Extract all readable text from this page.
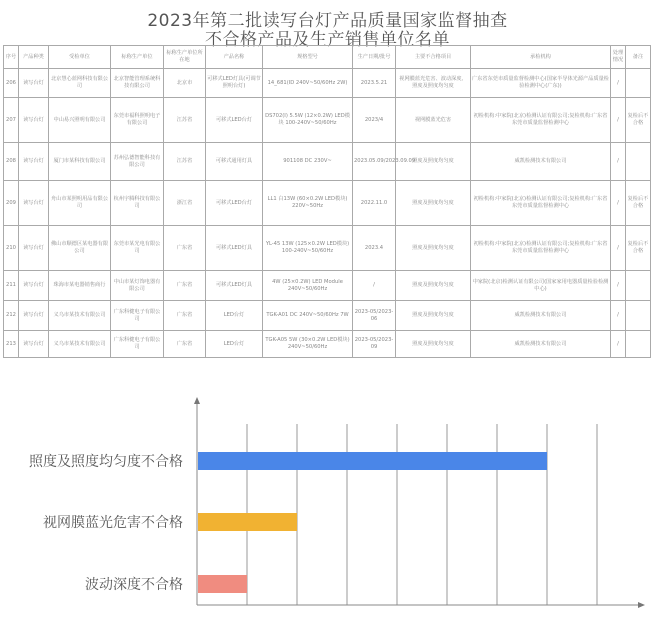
2023年第二批读写台灯产品质量国家监督抽查
不合格产品及生产销售单位名单
序号	产品种类	受检单位	标称生产单位	标称生产单位所在地	产品名称	规格型号	生产日期/批号	主要不合格项目	承检机构	处理情况	备注
206	读写台灯	北京慧心蓝网科技有限公司	北京智能管理系统科技有限公司	北京市	可移式LED灯具(可调节照明台灯)	14_681(ID 240V~50/60Hz 2W)	2023.5.21	视网膜蓝光危害、波动深度、照度及照度均匀度	广东省东莞市质量监督检测中心(国家半导体光源产品质量检验检测中心(广东))	/	
207	读写台灯	中山易兴照明有限公司	东莞市福科照明电子有限公司	江苏省	可移式LED台灯	DS702(I) 5.5W (12×0.2W) LED模块 100-240V~50/60Hz	2023/4	视网膜蓝光危害	初检机构:中家院(北京)检测认证有限公司;复检机构:广东省东莞市质量监督检测中心	/	复检后不合格
208	读写台灯	厦门市某科技有限公司	苏州弘德智能科技有限公司	江苏省	可移式通用灯具	901108 DC 230V~	2023.05.09/2023.09.09	照度及照度均匀度	威凯检测技术有限公司	/	
209	读写台灯	舟山市某照明用品有限公司	杭州宇腾科技有限公司	浙江省	可移式LED台灯	LL1 白13W (60×0.2W LED模块) 220V~50Hz	2022.11.0	照度及照度均匀度	初检机构:中家院(北京)检测认证有限公司;复检机构:广东省东莞市质量监督检测中心	/	复检后不合格
210	读写台灯	佛山市顺德区某电器有限公司	东莞市某光电有限公司	广东省	可移式LED灯具	YL-45 13W (125×0.2W LED模块) 100-240V~50/60Hz	2023.4	照度及照度均匀度	初检机构:中家院(北京)检测认证有限公司;复检机构:广东省东莞市质量监督检测中心	/	复检后不合格
211	读写台灯	珠海市某电器销售商行	中山市某灯饰电器有限公司	广东省	可移式LED灯具	4W (25×0.2W) LED Module 240V~50/60Hz	/	照度及照度均匀度	中家院(北京)检测认证有限公司(国家家用电器质量检验检测中心)	/	
212	读写台灯	义乌市某技术有限公司	广东科健电子有限公司	广东省	LED台灯	TGK-A01 DC 240V~50/60Hz 7W	2023-05/2023-06	照度及照度均匀度	威凯检测技术有限公司	/	
213	读写台灯	义乌市某技术有限公司	广东科健电子有限公司	广东省	LED台灯	TGK-A05 5W (30×0.2W LED模块) 240V~50/60Hz	2023-05/2023-09	照度及照度均匀度	威凯检测技术有限公司	/	
照度及照度均匀度不合格
视网膜蓝光危害不合格
波动深度不合格
